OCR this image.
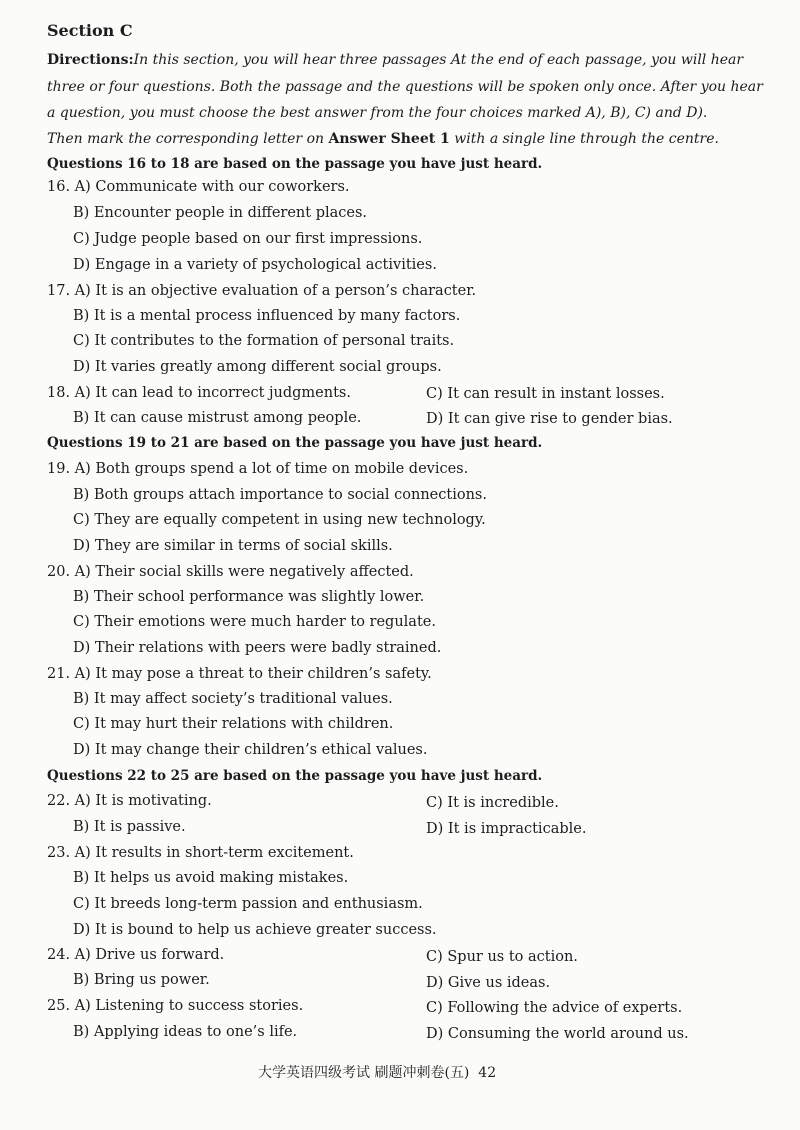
Section C
Directions:In this section, you will hear three passages At the end of each passage, you will hear
three or four questions. Both the passage and the questions will be spoken only once. After you hear
a question, you must choose the best answer from the four choices marked A), B), C) and D).
Then mark the corresponding letter on Answer Sheet 1 with a single line through the centre.
Questions 16 to 18 are based on the passage you have just heard.
16. A) Communicate with our coworkers.
B) Encounter people in different places.
C) Judge people based on our first impressions.
D) Engage in a variety of psychological activities.
17. A) It is an objective evaluation of a person’s character.
B) It is a mental process influenced by many factors.
C) It contributes to the formation of personal traits.
D) It varies greatly among different social groups.
18. A) It can lead to incorrect judgments.	C) It can result in instant losses.
B) It can cause mistrust among people.	D) It can give rise to gender bias.
Questions 19 to 21 are based on the passage you have just heard.
19. A) Both groups spend a lot of time on mobile devices.
B) Both groups attach importance to social connections.
C) They are equally competent in using new technology.
D) They are similar in terms of social skills.
20. A) Their social skills were negatively affected.
B) Their school performance was slightly lower.
C) Their emotions were much harder to regulate.
D) Their relations with peers were badly strained.
21. A) It may pose a threat to their children’s safety.
B) It may affect society’s traditional values.
C) It may hurt their relations with children.
D) It may change their children’s ethical values.
Questions 22 to 25 are based on the passage you have just heard.
22. A) It is motivating.	C) It is incredible.
B) It is passive.	D) It is impracticable.
23. A) It results in short-term excitement.
B) It helps us avoid making mistakes.
C) It breeds long-term passion and enthusiasm.
D) It is bound to help us achieve greater success.
24. A) Drive us forward.	C) Spur us to action.
B) Bring us power.	D) Give us ideas.
25. A) Listening to success stories.	C) Following the advice of experts.
B) Applying ideas to one’s life.	D) Consuming the world around us.
大学英语四级考试 刷题冲刺卷(五) 42
